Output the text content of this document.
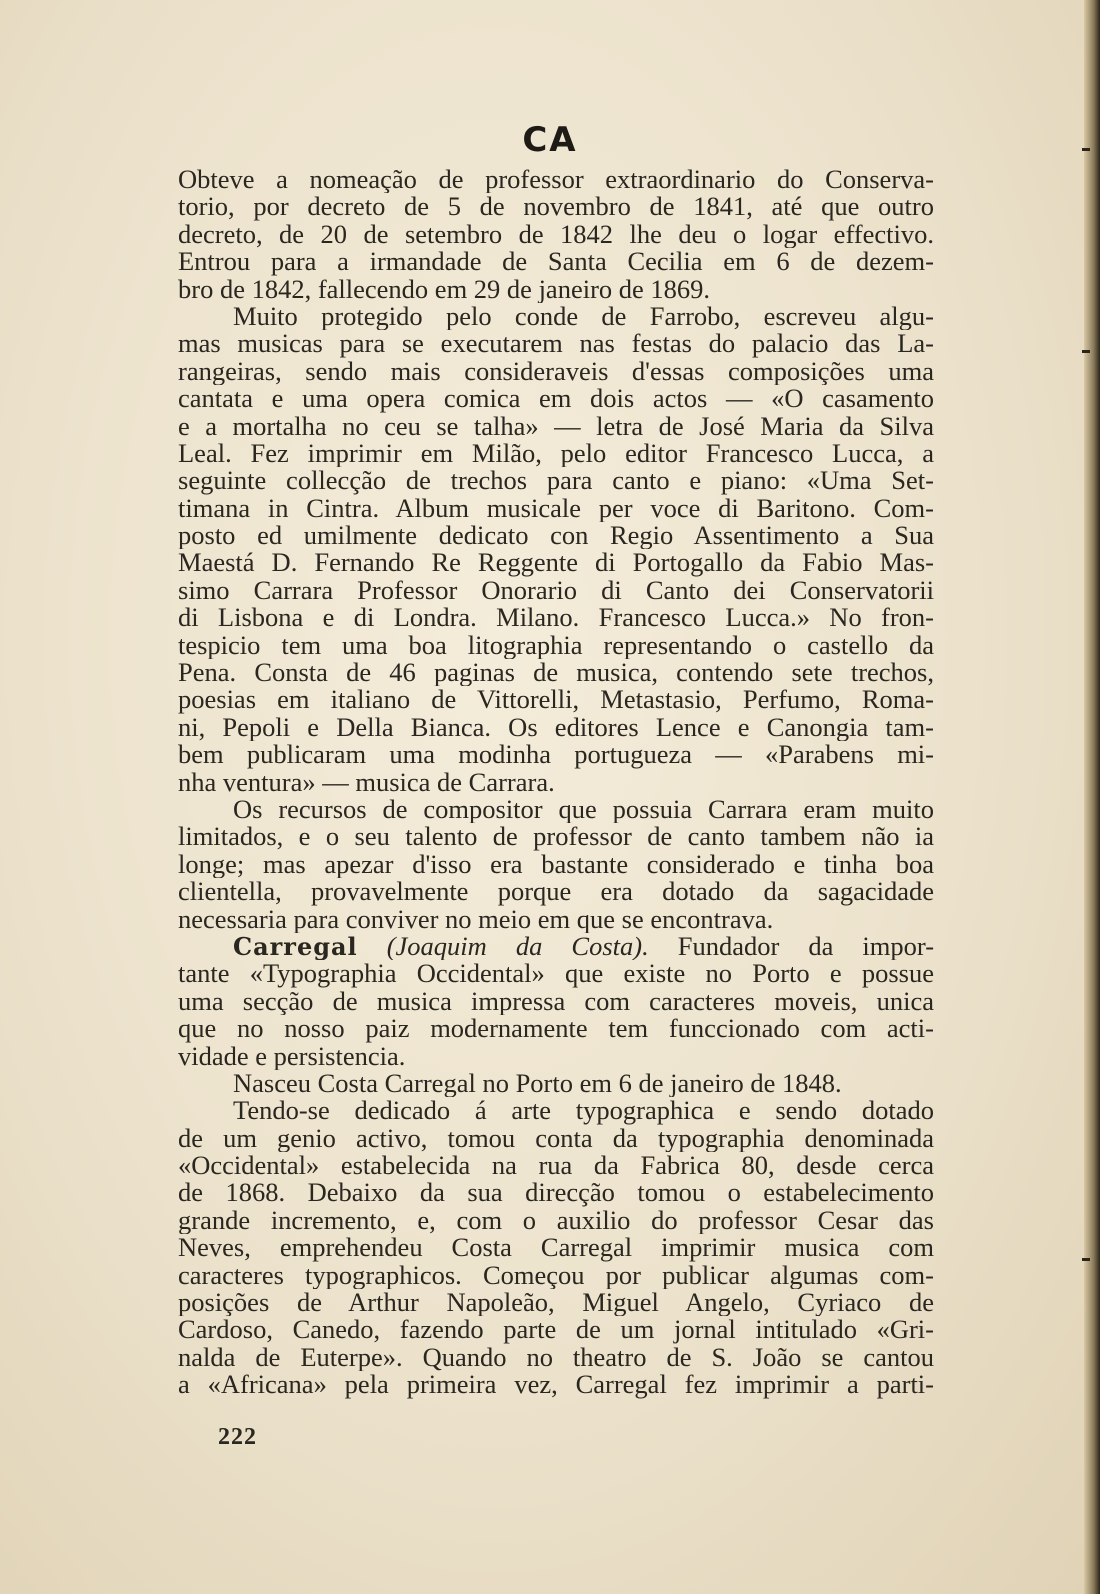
CA
Obteve a nomeação de professor extraordinario do Conserva-
torio, por decreto de 5 de novembro de 1841, até que outro
decreto, de 20 de setembro de 1842 lhe deu o logar effectivo.
Entrou para a irmandade de Santa Cecilia em 6 de dezem-
bro de 1842, fallecendo em 29 de janeiro de 1869.
Muito protegido pelo conde de Farrobo, escreveu algu-
mas musicas para se executarem nas festas do palacio das La-
rangeiras, sendo mais consideraveis d'essas composições uma
cantata e uma opera comica em dois actos — «O casamento
e a mortalha no ceu se talha» — letra de José Maria da Silva
Leal. Fez imprimir em Milão, pelo editor Francesco Lucca, a
seguinte collecção de trechos para canto e piano: «Uma Set-
timana in Cintra. Album musicale per voce di Baritono. Com-
posto ed umilmente dedicato con Regio Assentimento a Sua
Maestá D. Fernando Re Reggente di Portogallo da Fabio Mas-
simo Carrara Professor Onorario di Canto dei Conservatorii
di Lisbona e di Londra. Milano. Francesco Lucca.» No fron-
tespicio tem uma boa litographia representando o castello da
Pena. Consta de 46 paginas de musica, contendo sete trechos,
poesias em italiano de Vittorelli, Metastasio, Perfumo, Roma-
ni, Pepoli e Della Bianca. Os editores Lence e Canongia tam-
bem publicaram uma modinha portugueza — «Parabens mi-
nha ventura» — musica de Carrara.
Os recursos de compositor que possuia Carrara eram muito
limitados, e o seu talento de professor de canto tambem não ia
longe; mas apezar d'isso era bastante considerado e tinha boa
clientella, provavelmente porque era dotado da sagacidade
necessaria para conviver no meio em que se encontrava.
Carregal (Joaquim da Costa). Fundador da impor-
tante «Typographia Occidental» que existe no Porto e possue
uma secção de musica impressa com caracteres moveis, unica
que no nosso paiz modernamente tem funccionado com acti-
vidade e persistencia.
Nasceu Costa Carregal no Porto em 6 de janeiro de 1848.
Tendo-se dedicado á arte typographica e sendo dotado
de um genio activo, tomou conta da typographia denominada
«Occidental» estabelecida na rua da Fabrica 80, desde cerca
de 1868. Debaixo da sua direcção tomou o estabelecimento
grande incremento, e, com o auxilio do professor Cesar das
Neves, emprehendeu Costa Carregal imprimir musica com
caracteres typographicos. Começou por publicar algumas com-
posições de Arthur Napoleão, Miguel Angelo, Cyriaco de
Cardoso, Canedo, fazendo parte de um jornal intitulado «Gri-
nalda de Euterpe». Quando no theatro de S. João se cantou
a «Africana» pela primeira vez, Carregal fez imprimir a parti-
222
